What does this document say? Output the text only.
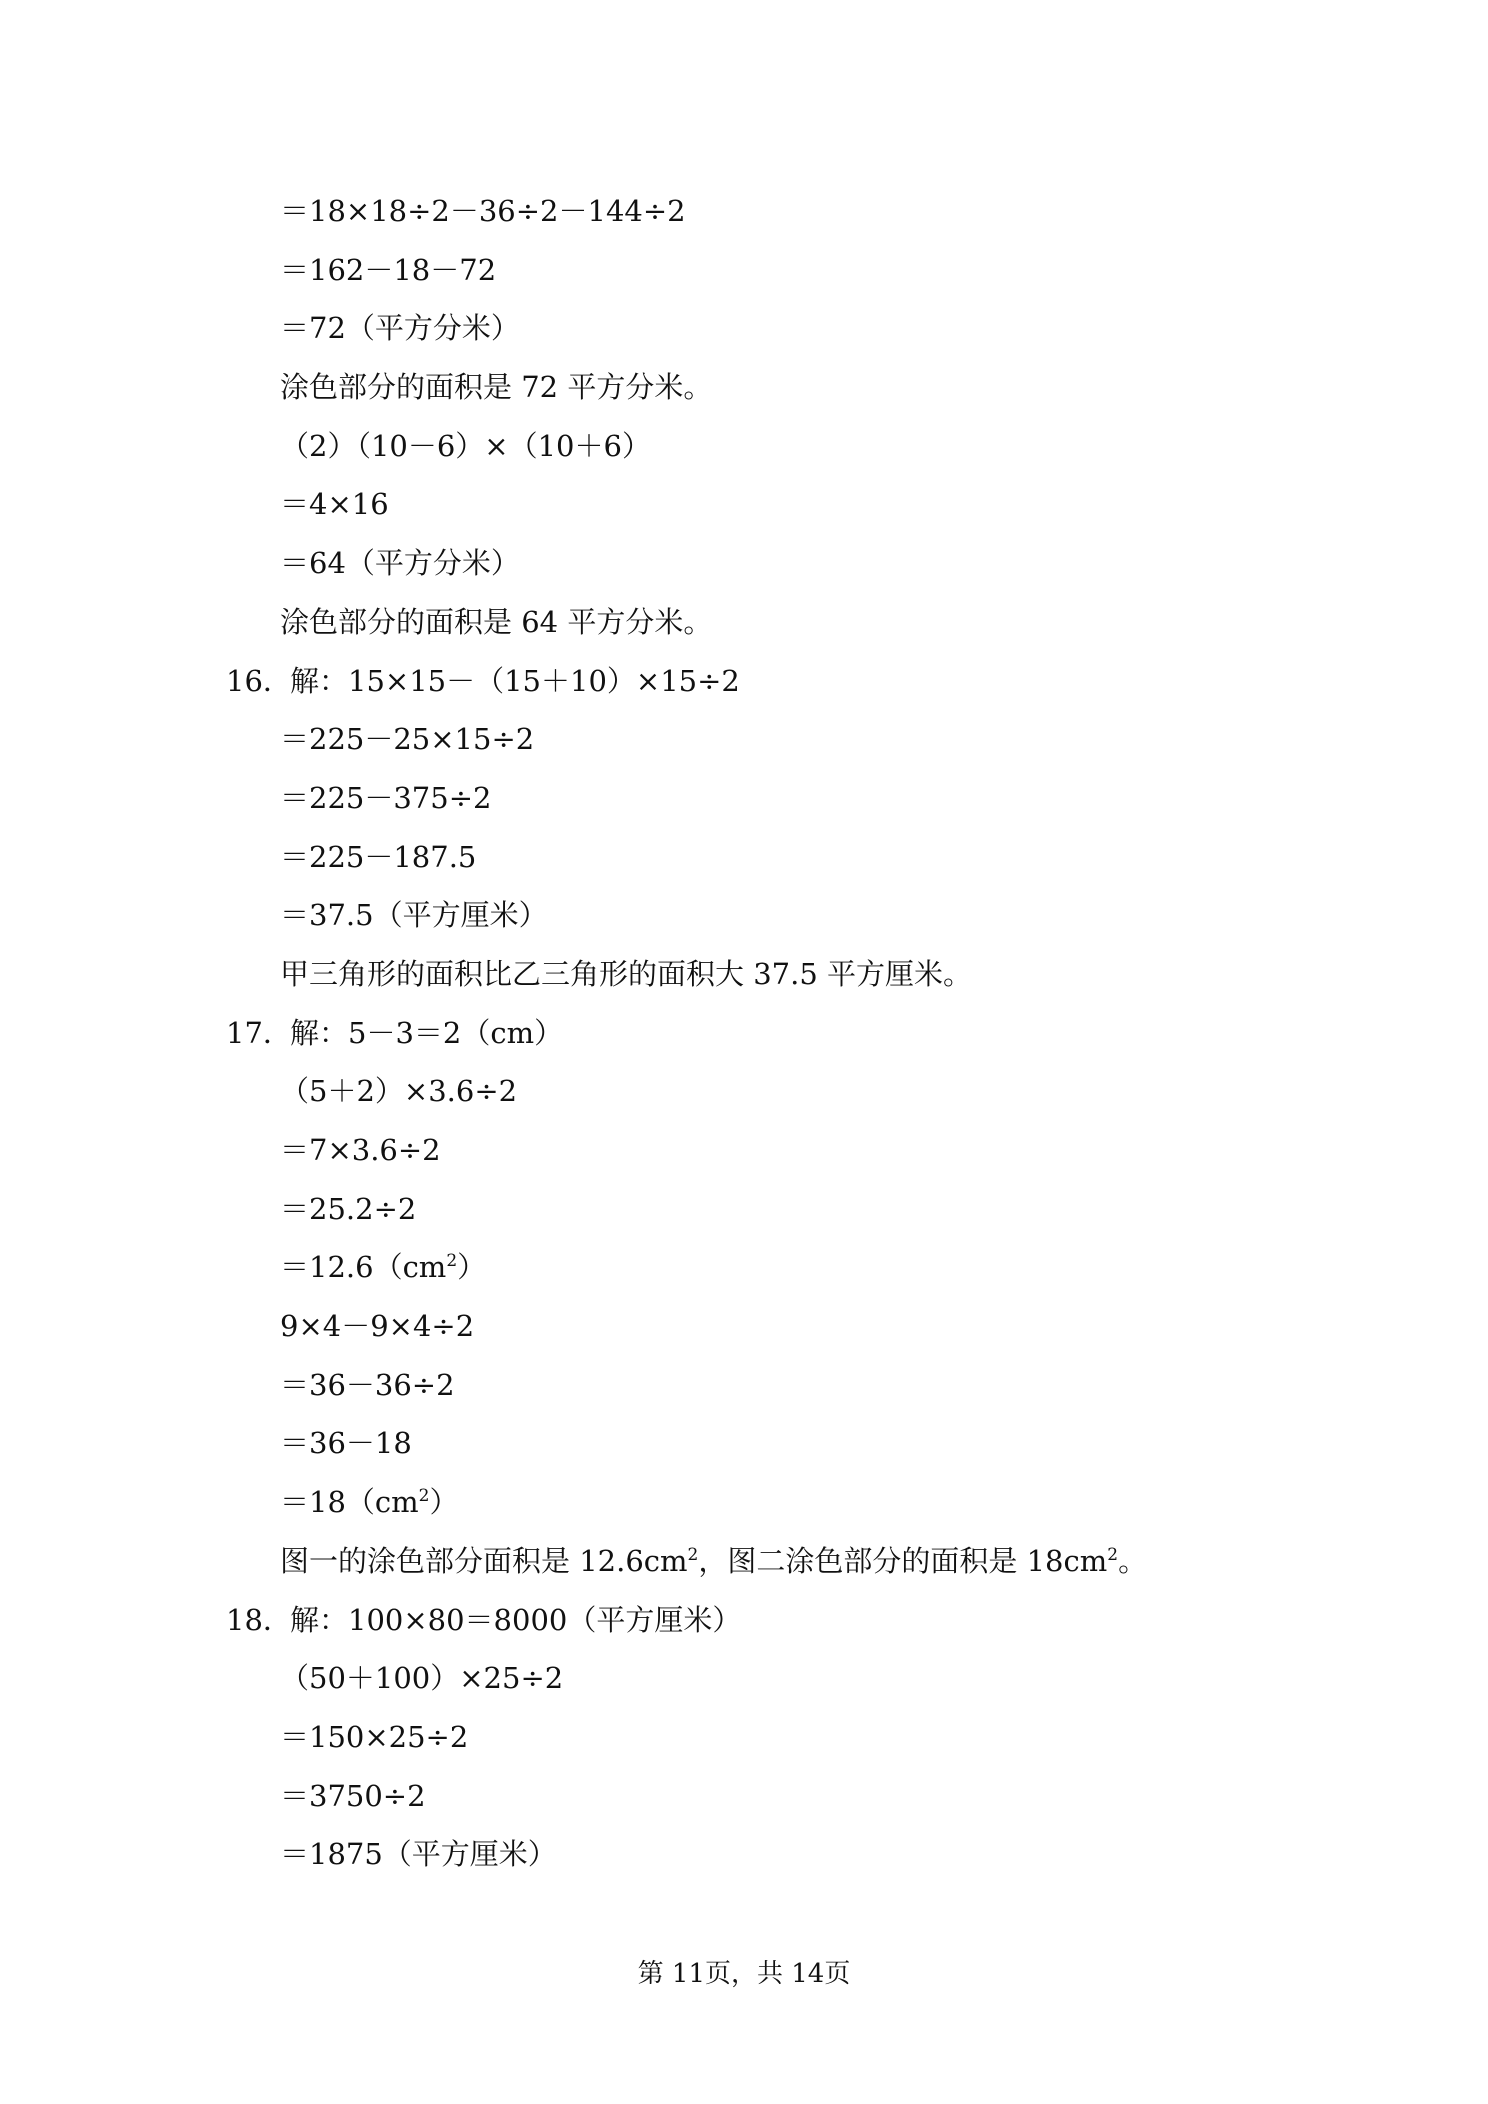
＝18×18÷2－36÷2－144÷2
＝162－18－72
＝72（平方分米）
涂色部分的面积是 72 平方分米。
（2）（10－6）×（10＋6）
＝4×16
＝64（平方分米）
涂色部分的面积是 64 平方分米。
16．解：15×15－（15＋10）×15÷2
＝225－25×15÷2
＝225－375÷2
＝225－187.5
＝37.5（平方厘米）
甲三角形的面积比乙三角形的面积大 37.5 平方厘米。
17．解：5－3＝2（cm）
（5＋2）×3.6÷2
＝7×3.6÷2
＝25.2÷2
$=12.6(cm^2)$
9×4－9×4÷2
＝36－36÷2
＝36－18
$=18(cm^2)$
图一的涂色部分面积是 $12.6cm^2$，图二涂色部分的面积是 $18cm^2$。
18．解：100×80＝8000（平方厘米）
（50＋100）×25÷2
＝150×25÷2
＝3750÷2
＝1875（平方厘米）
第 11页，共 14页
